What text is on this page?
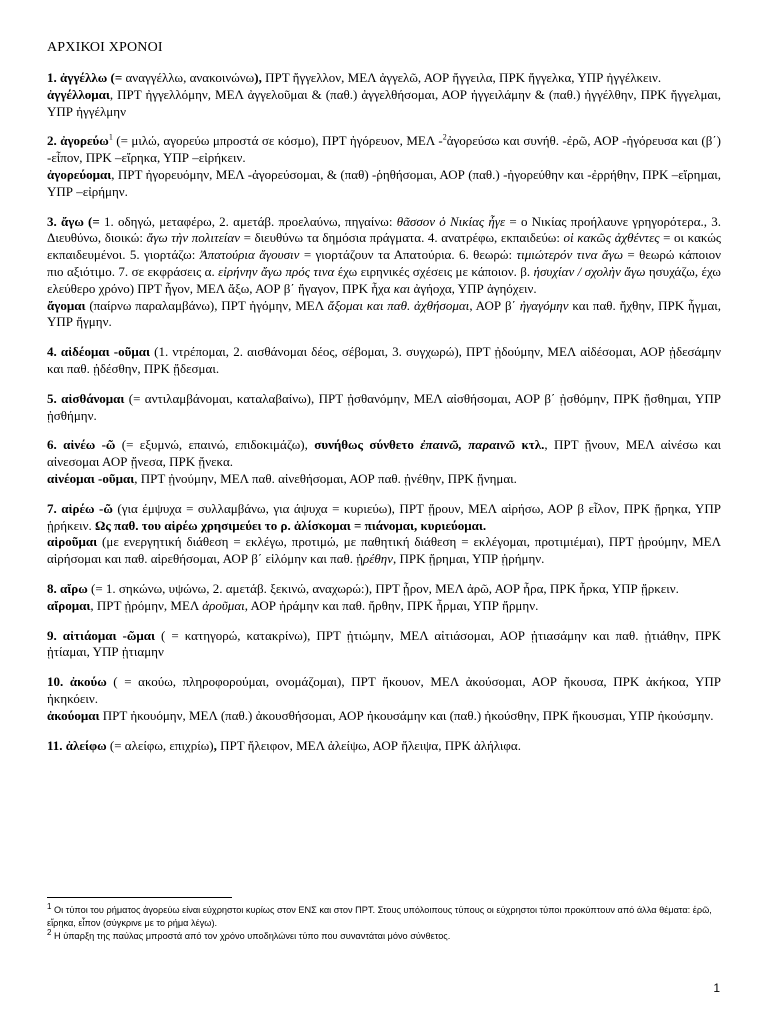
ΑΡΧΙΚΟΙ ΧΡΟΝΟΙ

1. ἀγγέλλω (= αναγγέλλω, ανακοινώνω), ΠΡΤ ἤγγελλον, ΜΕΛ ἀγγελῶ, ΑΟΡ ἤγγειλα, ΠΡΚ ἤγγελκα, ΥΠΡ ἠγγέλκειν.

ἀγγέλλομαι, ΠΡΤ ἠγγελλόμην, ΜΕΛ ἀγγελοῦμαι & (παθ.) ἀγγελθήσομαι, ΑΟΡ ἠγγειλάμην & (παθ.) ἠγγέλθην, ΠΡΚ ἤγγελμαι, ΥΠΡ ἠγγέλμην

2. ἀγορεύω$^1$ (= μιλώ, αγορεύω μπροστά σε κόσμο), ΠΡΤ ἠγόρευον, ΜΕΛ -$^2$ἀγορεύσω και συνήθ. -ἐρῶ, ΑΟΡ -ἠγόρευσα και (β΄) -εἶπον, ΠΡΚ –εἴρηκα, ΥΠΡ –εἰρήκειν.

ἀγορεύομαι, ΠΡΤ ἠγορευόμην, ΜΕΛ -ἀγορεύσομαι, & (παθ) -ῥηθήσομαι, ΑΟΡ (παθ.) -ἠγορεύθην και -ἐρρήθην, ΠΡΚ –εἴρημαι, ΥΠΡ –εἰρήμην.

3. ἄγω (= 1. οδηγώ, μεταφέρω, 2. αμετάβ. προελαύνω, πηγαίνω: θᾶσσον ὁ Νικίας ἦγε = ο Νικίας προήλαυνε γρηγορότερα., 3. Διευθύνω, διοικώ: ἄγω τὴν πολιτείαν = διευθύνω τα δημόσια πράγματα. 4. ανατρέφω, εκπαιδεύω: οἱ κακῶς ἀχθέντες = οι κακώς εκπαιδευμένοι. 5. γιορτάζω: Ἀπατούρια ἄγουσιν = γιορτάζουν τα Απατούρια. 6. θεωρώ: τιμιώτερόν τινα ἄγω = θεωρώ κάποιον πιο αξιότιμο. 7. σε εκφράσεις α. εἰρήνην ἄγω πρός τινα έχω ειρηνικές σχέσεις με κάποιον. β. ἡσυχίαν / σχολὴν ἄγω ησυχάζω, έχω ελεύθερο χρόνο) ΠΡΤ ἦγον, ΜΕΛ ἄξω, ΑΟΡ β΄ ἤγαγον, ΠΡΚ ἦχα και ἀγήοχα, ΥΠΡ ἀγηόχειν.

ἄγομαι (παίρνω παραλαμβάνω), ΠΡΤ ἠγόμην, ΜΕΛ ἄξομαι και παθ. ἀχθήσομαι, ΑΟΡ β΄ ἠγαγόμην και παθ. ἤχθην, ΠΡΚ ἦγμαι, ΥΠΡ ἤγμην.

4. αἰδέομαι -οῦμαι (1. ντρέπομαι, 2. αισθάνομαι δέος, σέβομαι, 3. συγχωρώ), ΠΡΤ ᾐδούμην, ΜΕΛ αἰδέσομαι, ΑΟΡ ᾐδεσάμην και παθ. ᾐδέσθην, ΠΡΚ ᾔδεσμαι.

5. αἰσθάνομαι (= αντιλαμβάνομαι, καταλαβαίνω), ΠΡΤ ᾐσθανόμην, ΜΕΛ αἰσθήσομαι, ΑΟΡ β΄ ᾐσθόμην, ΠΡΚ ᾔσθημαι, ΥΠΡ ᾐσθήμην.

6. αἰνέω -ῶ (= εξυμνώ, επαινώ, επιδοκιμάζω), συνήθως σύνθετο ἐπαινῶ, παραινῶ κτλ., ΠΡΤ ᾔνουν, ΜΕΛ αἰνέσω και αἰνεσομαι ΑΟΡ ᾔνεσα, ΠΡΚ ᾔνεκα.

αἰνέομαι -οῦμαι, ΠΡΤ ᾐνούμην, ΜΕΛ παθ. αἰνεθήσομαι, ΑΟΡ παθ. ᾐνέθην, ΠΡΚ ᾔνημαι.

7. αἱρέω -ῶ (για έμψυχα = συλλαμβάνω, για άψυχα = κυριεύω), ΠΡΤ ᾕρουν, ΜΕΛ αἱρήσω, ΑΟΡ β εἷλον, ΠΡΚ ᾕρηκα, ΥΠΡ ᾑρήκειν. Ως παθ. του αἱρέω χρησιμεύει το ρ. ἁλίσκομαι = πιάνομαι, κυριεύομαι.

αἱροῦμαι (με ενεργητική διάθεση = εκλέγω, προτιμώ, με παθητική διάθεση = εκλέγομαι, προτιμιέμαι), ΠΡΤ ᾑρούμην, ΜΕΛ αἱρήσομαι και παθ. αἱρεθήσομαι, ΑΟΡ β΄ εἱλόμην και παθ. ᾑρέθην, ΠΡΚ ᾕρημαι, ΥΠΡ ᾑρήμην.

8. αἴρω (= 1. σηκώνω, υψώνω, 2. αμετάβ. ξεκινώ, αναχωρώ:), ΠΡΤ ᾖρον, ΜΕΛ ἀρῶ, ΑΟΡ ἦρα, ΠΡΚ ἦρκα, ΥΠΡ ᾔρκειν.

αἴρομαι, ΠΡΤ ᾐρόμην, ΜΕΛ ἀροῦμαι, ΑΟΡ ἠράμην και παθ. ἤρθην, ΠΡΚ ἦρμαι, ΥΠΡ ἤρμην.

9. αἰτιάομαι -ῶμαι ( = κατηγορώ, κατακρίνω), ΠΡΤ ᾐτιώμην, ΜΕΛ αἰτιάσομαι, ΑΟΡ ᾐτιασάμην και παθ. ᾐτιάθην, ΠΡΚ ᾐτίαμαι, ΥΠΡ ᾐτιαμην

10. ἀκούω ( = ακούω, πληροφορούμαι, ονομάζομαι), ΠΡΤ ἤκουον, ΜΕΛ ἀκούσομαι, ΑΟΡ ἤκουσα, ΠΡΚ ἀκήκοα, ΥΠΡ ἠκηκόειν.

ἀκούομαι ΠΡΤ ἠκουόμην, ΜΕΛ (παθ.) ἀκουσθήσομαι, ΑΟΡ ἠκουσάμην και (παθ.) ἠκούσθην, ΠΡΚ ἤκουσμαι, ΥΠΡ ἠκούσμην.

11. ἀλείφω (= αλείφω, επιχρίω), ΠΡΤ ἤλειφον, ΜΕΛ ἀλείψω, ΑΟΡ ἤλειψα, ΠΡΚ ἀλήλιφα.

$^1$ Οι τύποι του ρήματος ἀγορεύω είναι εύχρηστοι κυρίως στον ΕΝΣ και στον ΠΡΤ. Στους υπόλοιπους τύπους οι εύχρηστοι τύποι προκύπτουν από άλλα θέματα: ἐρῶ, εἴρηκα, εἶπον (σύγκρινε με το ρήμα λέγω).

$^2$ Η ύπαρξη της παύλας μπροστά από τον χρόνο υποδηλώνει τύπο που συναντάται μόνο σύνθετος.

1
